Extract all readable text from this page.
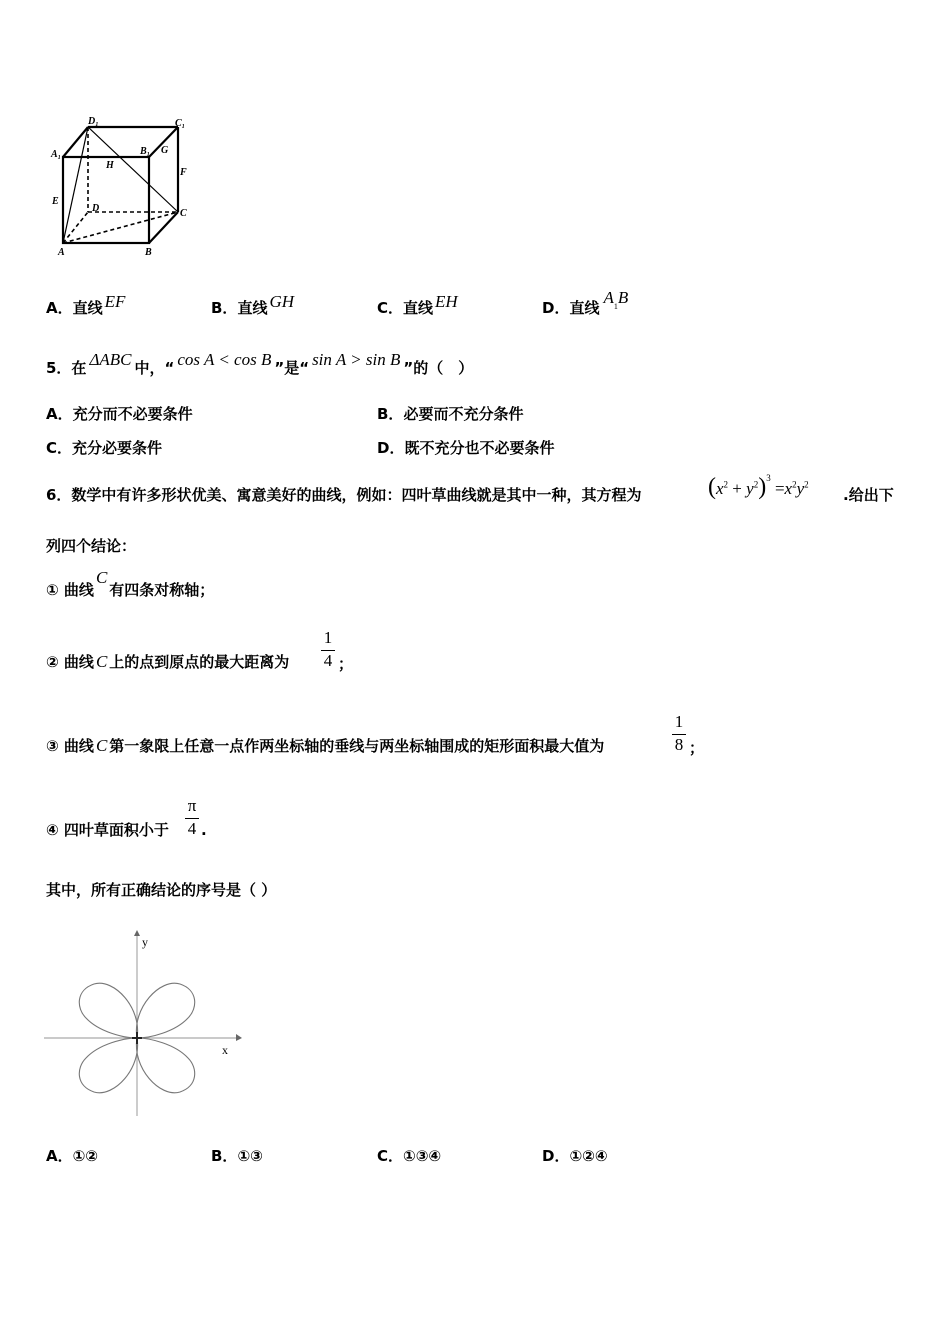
D₁	C₁
A₁	B₁ G
H
F
E
D	C
A	B
A．直线 EF	B．直线 GH	C．直线 EH	D．直线$A^1B$
5．在 ΔABC 中，“ cos A < cos B ”是“ sin A > sin B ”的（　）
A．充分而不必要条件	B．必要而不充分条件
C．充分必要条件	D．既不充分也不必要条件
6．数学中有许多形状优美、寓意美好的曲线，例如：四叶草曲线就是其中一种，其方程为	$(x^2 + y^2)^3 =x^2y^2$
.给出下
列四个结论：
① 曲线C有四条对称轴；
② 曲线 C 上的点到原点的最大距离为
1
4 ；
③ 曲线 C 第一象限上任意一点作两坐标轴的垂线与两坐标轴围成的矩形面积最大值为
1
8 ；
④ 四叶草面积小于
π
4 .
其中，所有正确结论的序号是（ ）
x
y
A．①②	B．①③	C．①③④	D．①②④
